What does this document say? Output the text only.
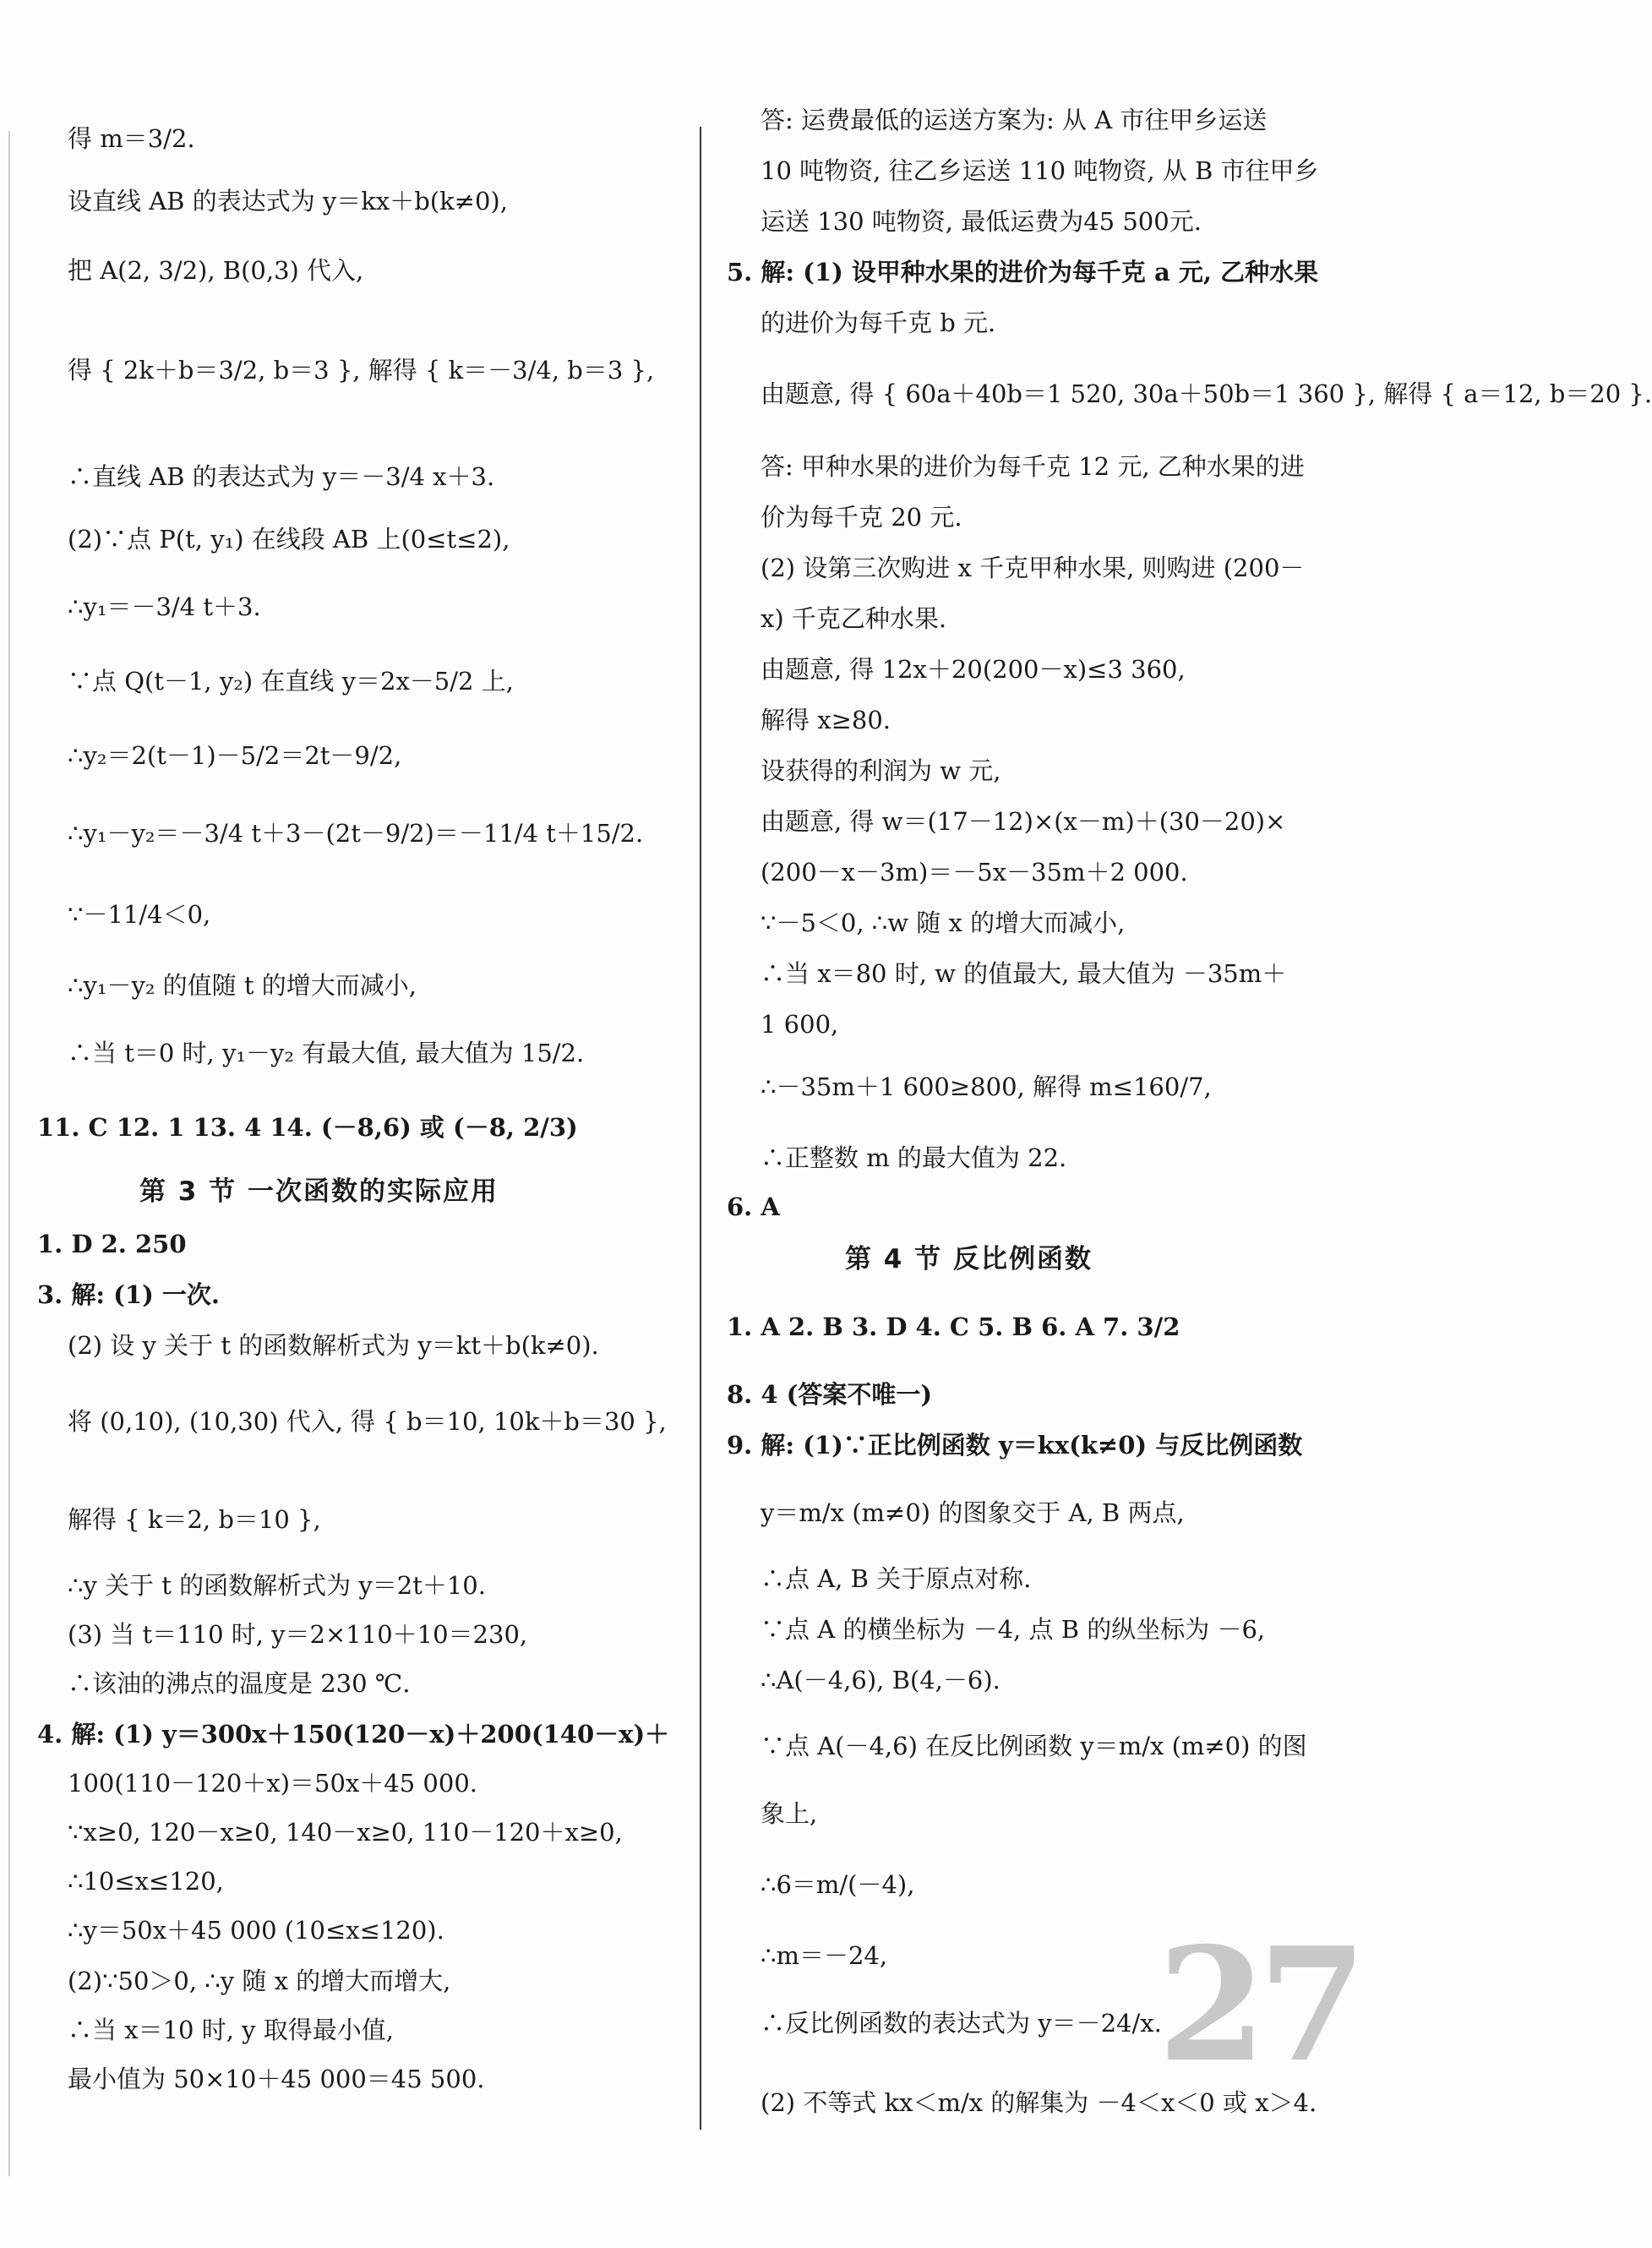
得 m＝3/2.
设直线 AB 的表达式为 y＝kx＋b(k≠0),
把 A(2, 3/2), B(0,3) 代入,
得 { 2k＋b＝3/2, b＝3 }, 解得 { k＝－3/4, b＝3 },
∴直线 AB 的表达式为 y＝－3/4 x＋3.
(2)∵点 P(t, y₁) 在线段 AB 上(0≤t≤2),
∴y₁＝－3/4 t＋3.
∵点 Q(t－1, y₂) 在直线 y＝2x－5/2 上,
∴y₂＝2(t－1)－5/2＝2t－9/2,
∴y₁－y₂＝－3/4 t＋3－(2t－9/2)＝－11/4 t＋15/2.
∵－11/4＜0,
∴y₁－y₂ 的值随 t 的增大而减小,
∴当 t＝0 时, y₁－y₂ 有最大值, 最大值为 15/2.
11. C 12. 1 13. 4 14. (－8,6) 或 (－8, 2/3)
第 3 节 一次函数的实际应用
1. D 2. 250
3. 解: (1) 一次.
(2) 设 y 关于 t 的函数解析式为 y＝kt＋b(k≠0).
将 (0,10), (10,30) 代入, 得 { b＝10, 10k＋b＝30 },
解得 { k＝2, b＝10 },
∴y 关于 t 的函数解析式为 y＝2t＋10.
(3) 当 t＝110 时, y＝2×110＋10＝230,
∴该油的沸点的温度是 230 ℃.
4. 解: (1) y＝300x＋150(120－x)＋200(140－x)＋
100(110－120＋x)＝50x＋45 000.
∵x≥0, 120－x≥0, 140－x≥0, 110－120＋x≥0,
∴10≤x≤120,
∴y＝50x＋45 000 (10≤x≤120).
(2)∵50＞0, ∴y 随 x 的增大而增大,
∴当 x＝10 时, y 取得最小值,
最小值为 50×10＋45 000＝45 500.
答: 运费最低的运送方案为: 从 A 市往甲乡运送
10 吨物资, 往乙乡运送 110 吨物资, 从 B 市往甲乡
运送 130 吨物资, 最低运费为45 500元.
5. 解: (1) 设甲种水果的进价为每千克 a 元, 乙种水果
的进价为每千克 b 元.
由题意, 得 { 60a＋40b＝1 520, 30a＋50b＝1 360 }, 解得 { a＝12, b＝20 }.
答: 甲种水果的进价为每千克 12 元, 乙种水果的进
价为每千克 20 元.
(2) 设第三次购进 x 千克甲种水果, 则购进 (200－
x) 千克乙种水果.
由题意, 得 12x＋20(200－x)≤3 360,
解得 x≥80.
设获得的利润为 w 元,
由题意, 得 w＝(17－12)×(x－m)＋(30－20)×
(200－x－3m)＝－5x－35m＋2 000.
∵－5＜0, ∴w 随 x 的增大而减小,
∴当 x＝80 时, w 的值最大, 最大值为 －35m＋
1 600,
∴－35m＋1 600≥800, 解得 m≤160/7,
∴正整数 m 的最大值为 22.
6. A
第 4 节 反比例函数
1. A 2. B 3. D 4. C 5. B 6. A 7. 3/2
8. 4 (答案不唯一)
9. 解: (1)∵正比例函数 y＝kx(k≠0) 与反比例函数
y＝m/x (m≠0) 的图象交于 A, B 两点,
∴点 A, B 关于原点对称.
∵点 A 的横坐标为 －4, 点 B 的纵坐标为 －6,
∴A(－4,6), B(4,－6).
∵点 A(－4,6) 在反比例函数 y＝m/x (m≠0) 的图
象上,
∴6＝m/(－4),
∴m＝－24,
∴反比例函数的表达式为 y＝－24/x.
(2) 不等式 kx＜m/x 的解集为 －4＜x＜0 或 x＞4.
27
